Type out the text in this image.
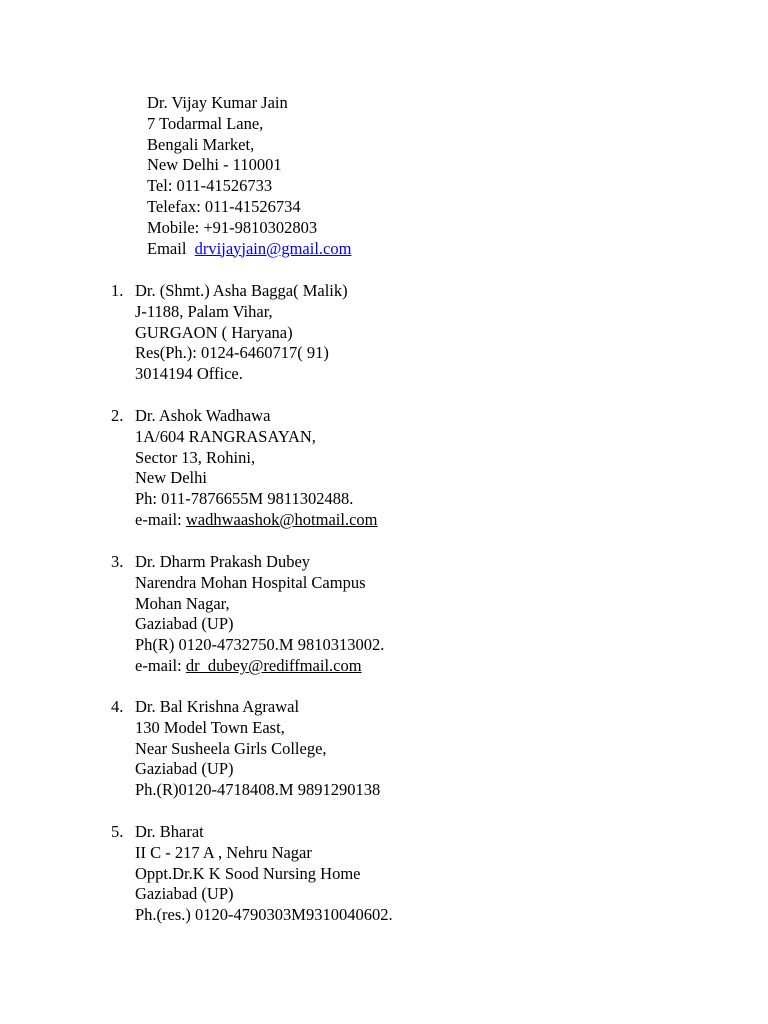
Dr. Vijay Kumar Jain
7 Todarmal Lane,
Bengali Market,
New Delhi - 110001
Tel: 011-41526733
Telefax: 011-41526734
Mobile: +91-9810302803
Email drvijayjain@gmail.com
1. Dr. (Shmt.) Asha Bagga( Malik)
J-1188, Palam Vihar,
GURGAON ( Haryana)
Res(Ph.): 0124-6460717( 91)
3014194 Office.
2. Dr. Ashok Wadhawa
1A/604 RANGRASAYAN,
Sector 13, Rohini,
New Delhi
Ph: 011-7876655M 9811302488.
e-mail: wadhwaashok@hotmail.com
3. Dr. Dharm Prakash Dubey
Narendra Mohan Hospital Campus
Mohan Nagar,
Gaziabad (UP)
Ph(R) 0120-4732750.M 9810313002.
e-mail: dr_dubey@rediffmail.com
4. Dr. Bal Krishna Agrawal
130 Model Town East,
Near Susheela Girls College,
Gaziabad (UP)
Ph.(R)0120-4718408.M 9891290138
5. Dr. Bharat
II C - 217 A , Nehru Nagar
Oppt.Dr.K K Sood Nursing Home
Gaziabad (UP)
Ph.(res.) 0120-4790303M9310040602.
